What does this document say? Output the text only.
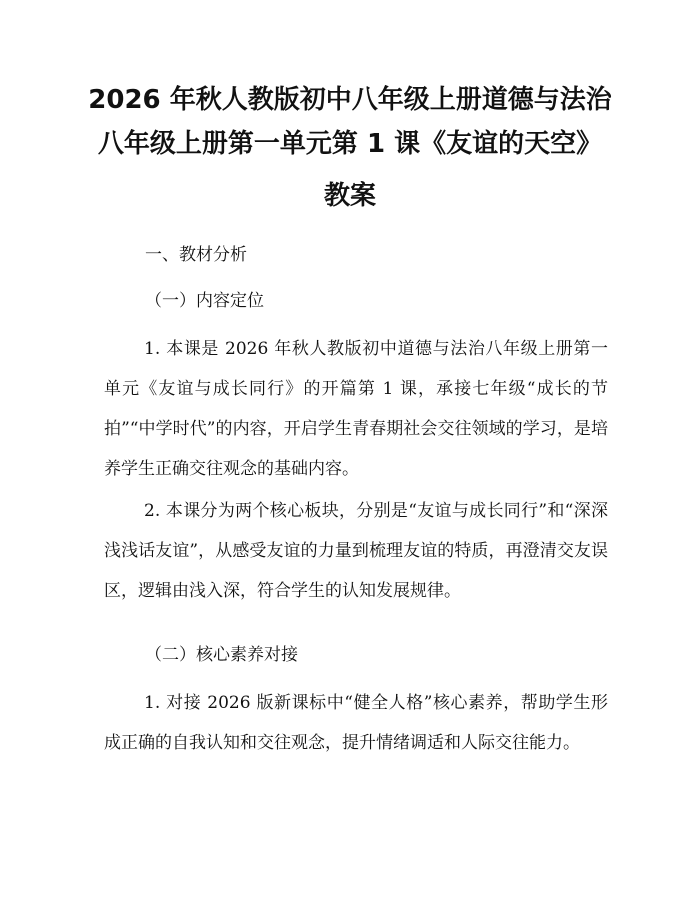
2026 年秋人教版初中八年级上册道德与法治
八年级上册第一单元第 1 课《友谊的天空》
教案
一、教材分析
（一）内容定位

1. 本课是 2026 年秋人教版初中道德与法治八年级上册第一单元《友谊与成长同行》的开篇第 1 课，承接七年级“成长的节拍”“中学时代”的内容，开启学生青春期社会交往领域的学习，是培养学生正确交往观念的基础内容。

2. 本课分为两个核心板块，分别是“友谊与成长同行”和“深深浅浅话友谊”，从感受友谊的力量到梳理友谊的特质，再澄清交友误区，逻辑由浅入深，符合学生的认知发展规律。

（二）核心素养对接

1. 对接 2026 版新课标中“健全人格”核心素养，帮助学生形成正确的自我认知和交往观念，提升情绪调适和人际交往能力。
